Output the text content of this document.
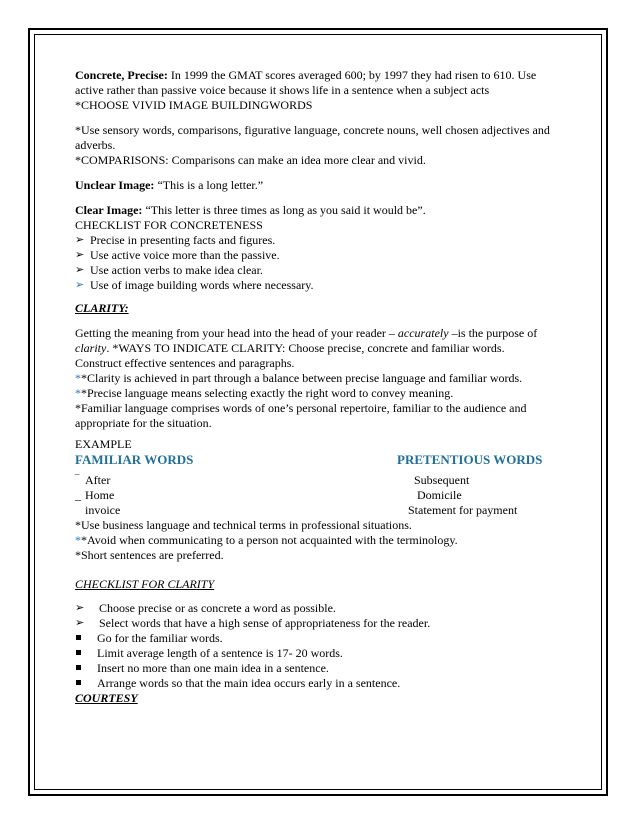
Concrete, Precise: In 1999 the GMAT scores averaged 600; by 1997 they had risen to 610. Use active rather than passive voice because it shows life in a sentence when a subject acts

*CHOOSE VIVID IMAGE BUILDINGWORDS

*Use sensory words, comparisons, figurative language, concrete nouns, well chosen adjectives and adverbs.

*COMPARISONS: Comparisons can make an idea more clear and vivid.

Unclear Image: “This is a long letter.”

Clear Image: “This letter is three times as long as you said it would be”.

CHECKLIST FOR CONCRETENESS

➢ Precise in presenting facts and figures.
➢ Use active voice more than the passive.
➢ Use action verbs to make idea clear.
➢ Use of image building words where necessary.

CLARITY:

Getting the meaning from your head into the head of your reader – accurately –is the purpose of clarity. *WAYS TO INDICATE CLARITY: Choose precise, concrete and familiar words.

Construct effective sentences and paragraphs.

**Clarity is achieved in part through a balance between precise language and familiar words.

**Precise language means selecting exactly the right word to convey meaning.

*Familiar language comprises words of one’s personal repertoire, familiar to the audience and appropriate for the situation.

EXAMPLE

FAMILIAR WORDS	PRETENTIOUS WORDS
‾ After	Subsequent
_ Home	Domicile
invoice	Statement for payment

*Use business language and technical terms in professional situations.

**Avoid when communicating to a person not acquainted with the terminology.

*Short sentences are preferred.

CHECKLIST FOR CLARITY

➢ Choose precise or as concrete a word as possible.
➢ Select words that have a high sense of appropriateness for the reader.
Go for the familiar words.
Limit average length of a sentence is 17- 20 words.
Insert no more than one main idea in a sentence.
Arrange words so that the main idea occurs early in a sentence.

COURTESY
